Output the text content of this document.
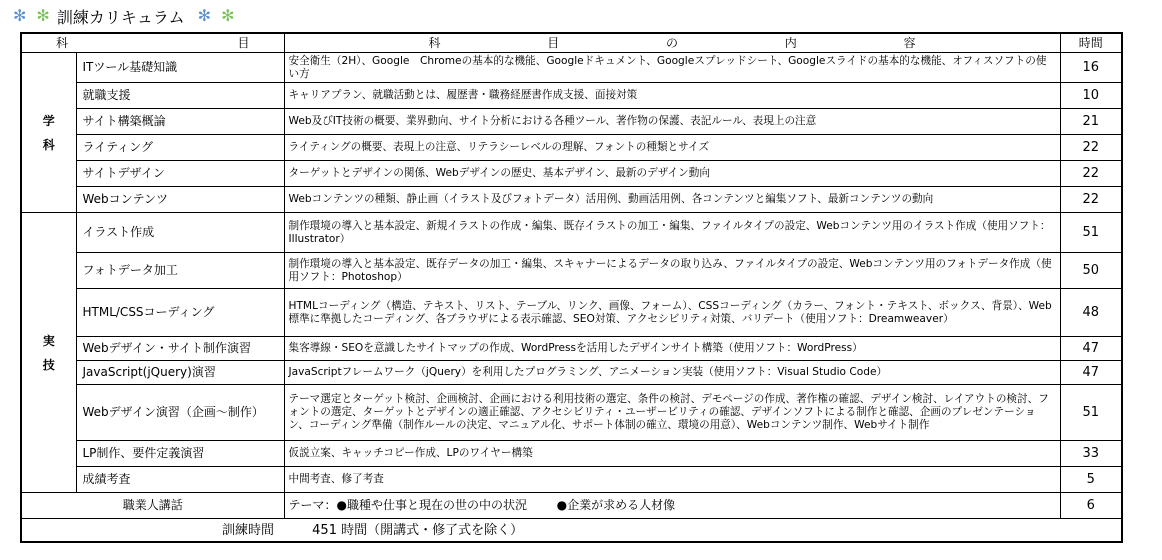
✻ ✻ 訓練カリキュラム ✻ ✻
科 目		科 目 の 内 容	時間

学
科	ITツール基礎知識	安全衛生（2H）、Google　Chromeの基本的な機能、Googleドキュメント、Googleスプレッドシート、Googleスライドの基本的な機能、オフィスソフトの使い方	16
	就職支援	キャリアプラン、就職活動とは、履歴書・職務経歴書作成支援、面接対策	10
	サイト構築概論	Web及びIT技術の概要、業界動向、サイト分析における各種ツール、著作物の保護、表記ルール、表現上の注意	21
	ライティング	ライティングの概要、表現上の注意、リテラシーレベルの理解、フォントの種類とサイズ	22
	サイトデザイン	ターゲットとデザインの関係、Webデザインの歴史、基本デザイン、最新のデザイン動向	22
	Webコンテンツ	Webコンテンツの種類、静止画（イラスト及びフォトデータ）活用例、動画活用例、各コンテンツと編集ソフト、最新コンテンツの動向	22

実
技	イラスト作成	制作環境の導入と基本設定、新規イラストの作成・編集、既存イラストの加工・編集、ファイルタイプの設定、Webコンテンツ用のイラスト作成（使用ソフト：Illustrator）	51
	フォトデータ加工	制作環境の導入と基本設定、既存データの加工・編集、スキャナーによるデータの取り込み、ファイルタイプの設定、Webコンテンツ用のフォトデータ作成（使用ソフト：Photoshop）	50
	HTML/CSSコーディング	HTMLコーディング（構造、テキスト、リスト、テーブル、リンク、画像、フォーム）、CSSコーディング（カラー、フォント・テキスト、ボックス、背景）、Web標準に準拠したコーディング、各ブラウザによる表示確認、SEO対策、アクセシビリティ対策、バリデート（使用ソフト：Dreamweaver）	48
	Webデザイン・サイト制作演習	集客導線・SEOを意識したサイトマップの作成、WordPressを活用したデザインサイト構築（使用ソフト：WordPress）	47
	JavaScript(jQuery)演習	JavaScriptフレームワーク（jQuery）を利用したプログラミング、アニメーション実装（使用ソフト：Visual Studio Code）	47
	Webデザイン演習（企画～制作）	テーマ選定とターゲット検討、企画検討、企画における利用技術の選定、条件の検討、デモページの作成、著作権の確認、デザイン検討、レイアウトの検討、フォントの選定、ターゲットとデザインの適正確認、アクセシビリティ・ユーザービリティの確認、デザインソフトによる制作と確認、企画のプレゼンテーション、コーディング準備（制作ルールの決定、マニュアル化、サポート体制の確立、環境の用意）、Webコンテンツ制作、Webサイト制作	51
	LP制作、要件定義演習	仮説立案、キャッチコピー作成、LPのワイヤー構築	33
	成績考査	中間考査、修了考査	5
職業人講話		テーマ：●職種や仕事と現在の世の中の状況 ●企業が求める人材像	6
訓練時間 451 時間（開講式・修了式を除く）			
